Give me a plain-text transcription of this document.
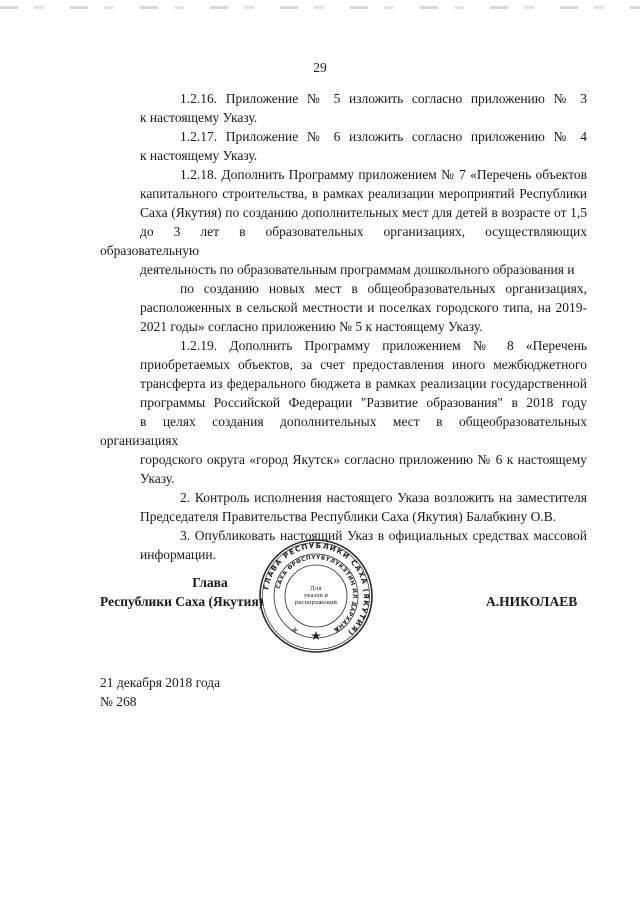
29

1.2.16. Приложение № 5 изложить согласно приложению № 3
к настоящему Указу.

1.2.17. Приложение № 6 изложить согласно приложению № 4
к настоящему Указу.

1.2.18. Дополнить Программу приложением № 7 «Перечень объектов
капитального строительства, в рамках реализации мероприятий Республики
Саха (Якутия) по созданию дополнительных мест для детей в возрасте от 1,5
до 3 лет в образовательных организациях, осуществляющих образовательную
деятельность по образовательным программам дошкольного образования и
по созданию новых мест в общеобразовательных организациях,
расположенных в сельской местности и поселках городского типа, на 2019-
2021 годы» согласно приложению № 5 к настоящему Указу.

1.2.19. Дополнить Программу приложением № 8 «Перечень
приобретаемых объектов, за счет предоставления иного межбюджетного
трансферта из федерального бюджета в рамках реализации государственной
программы Российской Федерации "Развитие образования" в 2018 году
в целях создания дополнительных мест в общеобразовательных организациях
городского округа «город Якутск» согласно приложению № 6 к настоящему
Указу.

2. Контроль исполнения настоящего Указа возложить на заместителя
Председателя Правительства Республики Саха (Якутия) Балабкину О.В.

3. Опубликовать настоящий Указ в официальных средствах массовой
информации.

Глава
Республики Саха (Якутия)
ГЛАВА РЕСПУБЛИКИ САХА (ЯКУТИЯ)
САХА ӨРӨСПҮҮБҮЛҮКЭТИН ИЛ ДАРХАНА
Для
указов и
распоряжений	А.НИКОЛАЕВ
21 декабря 2018 года
№ 268
